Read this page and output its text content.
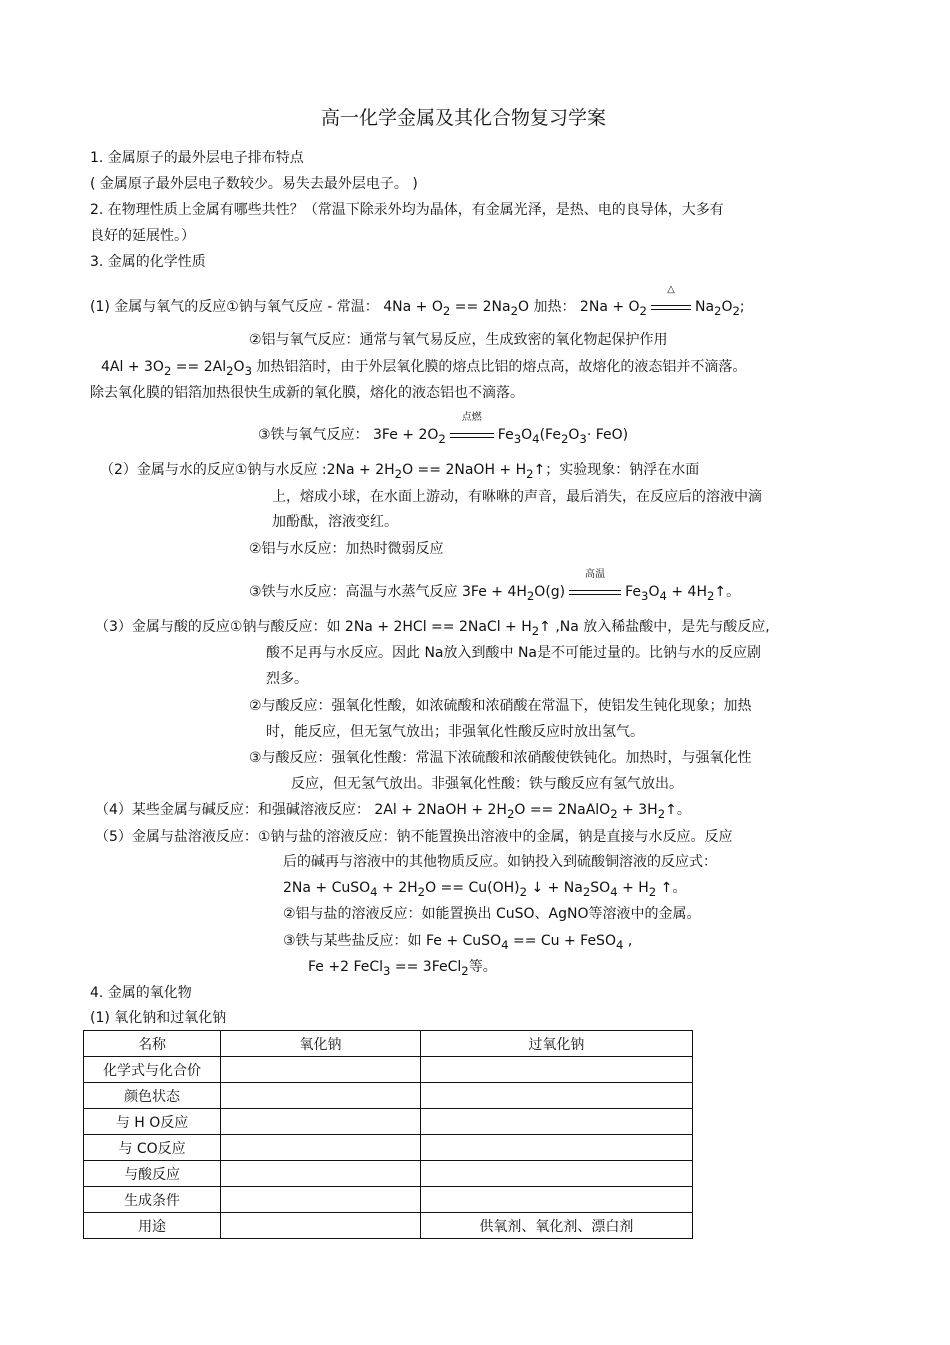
高一化学金属及其化合物复习学案
1. 金属原子的最外层电子排布特点
( 金属原子最外层电子数较少。易失去最外层电子。 )
2. 在物理性质上金属有哪些共性？（常温下除汞外均为晶体，有金属光泽，是热、电的良导体，大多有
良好的延展性。）
3. 金属的化学性质
(1) 金属与氧气的反应①钠与氧气反应 - 常温： $4Na + O_2 == 2Na_2O$ 加热： $2Na + O_2$
△
$Na_2O_2$;
②铝与氧气反应：通常与氧气易反应，生成致密的氧化物起保护作用
$4Al + 3O_2 == 2Al_2O_3$ 加热铝箔时，由于外层氧化膜的熔点比铝的熔点高，故熔化的液态铝并不滴落。
除去氧化膜的铝箔加热很快生成新的氧化膜，熔化的液态铝也不滴落。
③铁与氧气反应： $3Fe + 2O_2$
点燃
$Fe_3O_4(Fe_2O_3\cdot FeO)$
（2）金属与水的反应①钠与水反应 :2Na + $2H_2O$ == 2NaOH + $H_2↑$；实验现象：钠浮在水面
上，熔成小球，在水面上游动，有咻咻的声音，最后消失，在反应后的溶液中滴
加酚酞，溶液变红。
②铝与水反应：加热时微弱反应
③铁与水反应：高温与水蒸气反应 $3Fe + 4H_2O(g)$
高温
$Fe_3O_4$ + $4H_2↑$。
（3）金属与酸的反应①钠与酸反应：如 2Na + 2HCl == 2NaCl + $H_2↑$ ,Na 放入稀盐酸中，是先与酸反应,
酸不足再与水反应。因此 Na放入到酸中 Na是不可能过量的。比钠与水的反应剧
烈多。
②与酸反应：强氧化性酸，如浓硫酸和浓硝酸在常温下，使铝发生钝化现象；加热
时，能反应，但无氢气放出；非强氧化性酸反应时放出氢气。
③与酸反应：强氧化性酸：常温下浓硫酸和浓硝酸使铁钝化。加热时，与强氧化性
反应，但无氢气放出。非强氧化性酸：铁与酸反应有氢气放出。
（4）某些金属与碱反应：和强碱溶液反应： 2Al + 2NaOH + $2H_2O$ == 2NaAlO$_2$ + $3H_2↑$。
（5）金属与盐溶液反应：①钠与盐的溶液反应：钠不能置换出溶液中的金属，钠是直接与水反应。反应
后的碱再与溶液中的其他物质反应。如钠投入到硫酸铜溶液的反应式：
2Na + CuSO$_4$ + $2H_2O == Cu(OH)_2$ ↓ + $Na_2SO_4 + H_2$ ↑。
②铝与盐的溶液反应：如能置换出 CuSO、AgNO等溶液中的金属。
③铁与某些盐反应：如 Fe + CuSO$_4$ == Cu + FeSO$_4$ ,
Fe +2 FeCl$_3$ == 3FeCl$_2$等。
4. 金属的氧化物
(1) 氧化钠和过氧化钠
名称	氧化钠	过氧化钠
化学式与化合价		
颜色状态		
与 H O反应		
与 CO反应		
与酸反应		
生成条件		
用途		供氧剂、氧化剂、漂白剂
